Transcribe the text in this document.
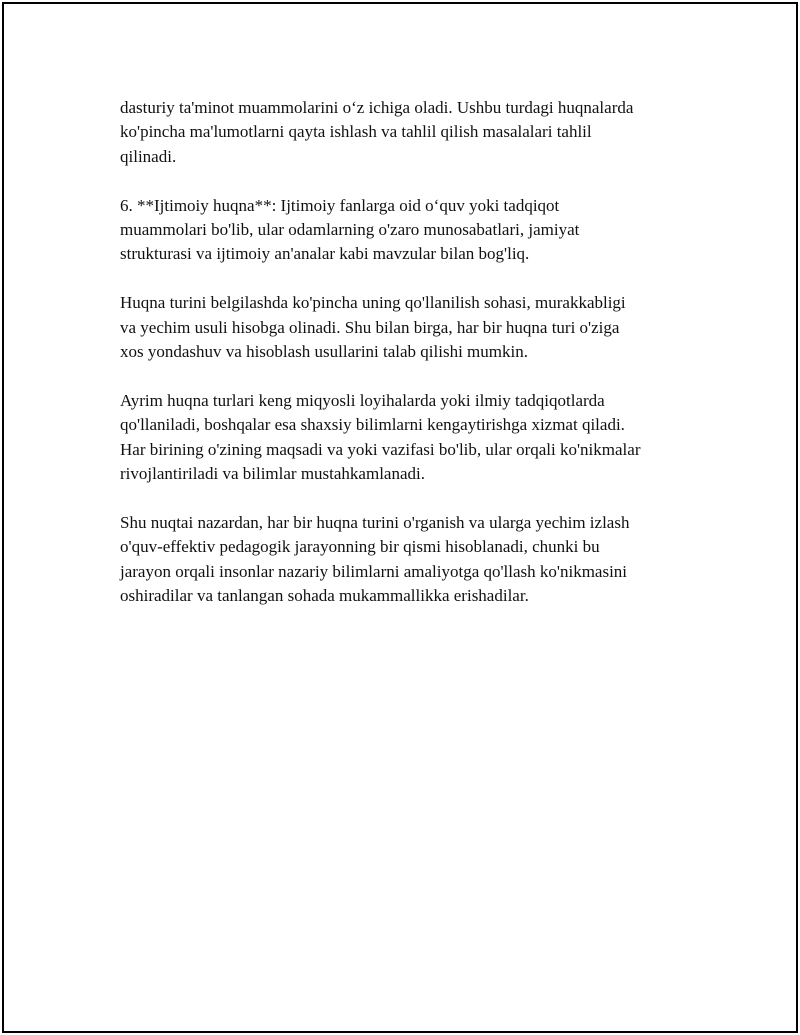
dasturiy ta'minot muammolarini o‘z ichiga oladi. Ushbu turdagi huqnalarda
ko'pincha ma'lumotlarni qayta ishlash va tahlil qilish masalalari tahlil
qilinadi.

6. **Ijtimoiy huqna**: Ijtimoiy fanlarga oid o‘quv yoki tadqiqot
muammolari bo'lib, ular odamlarning o'zaro munosabatlari, jamiyat
strukturasi va ijtimoiy an'analar kabi mavzular bilan bog'liq.

Huqna turini belgilashda ko'pincha uning qo'llanilish sohasi, murakkabligi
va yechim usuli hisobga olinadi. Shu bilan birga, har bir huqna turi o'ziga
xos yondashuv va hisoblash usullarini talab qilishi mumkin.

Ayrim huqna turlari keng miqyosli loyihalarda yoki ilmiy tadqiqotlarda
qo'llaniladi, boshqalar esa shaxsiy bilimlarni kengaytirishga xizmat qiladi.
Har birining o'zining maqsadi va yoki vazifasi bo'lib, ular orqali ko'nikmalar
rivojlantiriladi va bilimlar mustahkamlanadi.

Shu nuqtai nazardan, har bir huqna turini o'rganish va ularga yechim izlash
o'quv-effektiv pedagogik jarayonning bir qismi hisoblanadi, chunki bu
jarayon orqali insonlar nazariy bilimlarni amaliyotga qo'llash ko'nikmasini
oshiradilar va tanlangan sohada mukammallikka erishadilar.
